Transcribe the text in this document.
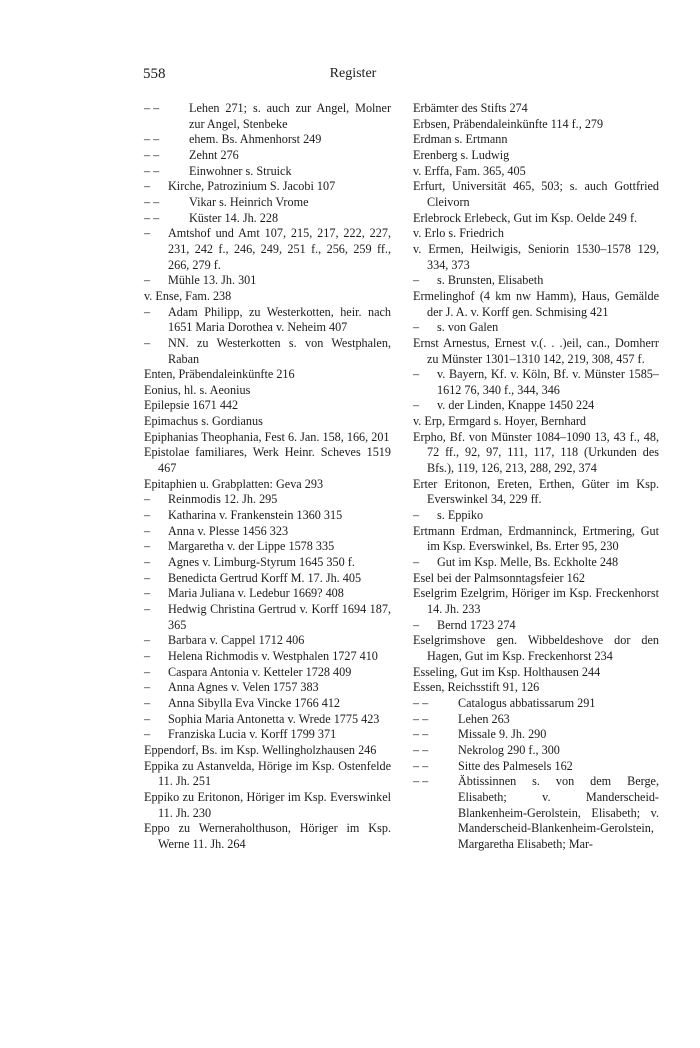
558	Register
– – Lehen 271; s. auch zur Angel, Molner zur Angel, Stenbeke
– – ehem. Bs. Ahmenhorst 249
– – Zehnt 276
– – Einwohner s. Struick
– Kirche, Patrozinium S. Jacobi 107
– – Vikar s. Heinrich Vrome
– – Küster 14. Jh. 228
– Amtshof und Amt 107, 215, 217, 222, 227, 231, 242 f., 246, 249, 251 f., 256, 259 ff., 266, 279 f.
– Mühle 13. Jh. 301
v. Ense, Fam. 238
– Adam Philipp, zu Westerkotten, heir. nach 1651 Maria Dorothea v. Neheim 407
– NN. zu Westerkotten s. von Westphalen, Raban
Enten, Präbendaleinkünfte 216
Eonius, hl. s. Aeonius
Epilepsie 1671 442
Epimachus s. Gordianus
Epiphanias Theophania, Fest 6. Jan. 158, 166, 201
Epistolae familiares, Werk Heinr. Scheves 1519 467
Epitaphien u. Grabplatten: Geva 293
– Reinmodis 12. Jh. 295
– Katharina v. Frankenstein 1360 315
– Anna v. Plesse 1456 323
– Margaretha v. der Lippe 1578 335
– Agnes v. Limburg-Styrum 1645 350 f.
– Benedicta Gertrud Korff M. 17. Jh. 405
– Maria Juliana v. Ledebur 1669? 408
– Hedwig Christina Gertrud v. Korff 1694 187, 365
– Barbara v. Cappel 1712 406
– Helena Richmodis v. Westphalen 1727 410
– Caspara Antonia v. Ketteler 1728 409
– Anna Agnes v. Velen 1757 383
– Anna Sibylla Eva Vincke 1766 412
– Sophia Maria Antonetta v. Wrede 1775 423
– Franziska Lucia v. Korff 1799 371
Eppendorf, Bs. im Ksp. Wellingholzhausen 246
Eppika zu Astanvelda, Hörige im Ksp. Ostenfelde 11. Jh. 251
Eppiko zu Eritonon, Höriger im Ksp. Everswinkel 11. Jh. 230
Eppo zu Werneraholthuson, Höriger im Ksp. Werne 11. Jh. 264
Erbämter des Stifts 274
Erbsen, Präbendaleinkünfte 114 f., 279
Erdman s. Ertmann
Erenberg s. Ludwig
v. Erffa, Fam. 365, 405
Erfurt, Universität 465, 503; s. auch Gottfried Cleivorn
Erlebrock Erlebeck, Gut im Ksp. Oelde 249 f.
v. Erlo s. Friedrich
v. Ermen, Heilwigis, Seniorin 1530–1578 129, 334, 373
– s. Brunsten, Elisabeth
Ermelinghof (4 km nw Hamm), Haus, Gemälde der J. A. v. Korff gen. Schmising 421
– s. von Galen
Ernst Arnestus, Ernest v.(. . .)eil, can., Domherr zu Münster 1301–1310 142, 219, 308, 457 f.
– v. Bayern, Kf. v. Köln, Bf. v. Münster 1585–1612 76, 340 f., 344, 346
– v. der Linden, Knappe 1450 224
v. Erp, Ermgard s. Hoyer, Bernhard
Erpho, Bf. von Münster 1084–1090 13, 43 f., 48, 72 ff., 92, 97, 111, 117, 118 (Urkunden des Bfs.), 119, 126, 213, 288, 292, 374
Erter Eritonon, Ereten, Erthen, Güter im Ksp. Everswinkel 34, 229 ff.
– s. Eppiko
Ertmann Erdman, Erdmanninck, Ertmering, Gut im Ksp. Everswinkel, Bs. Erter 95, 230
– Gut im Ksp. Melle, Bs. Eckholte 248
Esel bei der Palmsonntagsfeier 162
Eselgrim Ezelgrim, Höriger im Ksp. Freckenhorst 14. Jh. 233
– Bernd 1723 274
Eselgrimshove gen. Wibbeldeshove dor den Hagen, Gut im Ksp. Freckenhorst 234
Esseling, Gut im Ksp. Holthausen 244
Essen, Reichsstift 91, 126
– – Catalogus abbatissarum 291
– – Lehen 263
– – Missale 9. Jh. 290
– – Nekrolog 290 f., 300
– – Sitte des Palmesels 162
– – Äbtissinnen s. von dem Berge, Elisabeth; v. Manderscheid-Blankenheim-Gerolstein, Elisabeth; v. Manderscheid-Blankenheim-Gerolstein, Margaretha Elisabeth; Mar-
